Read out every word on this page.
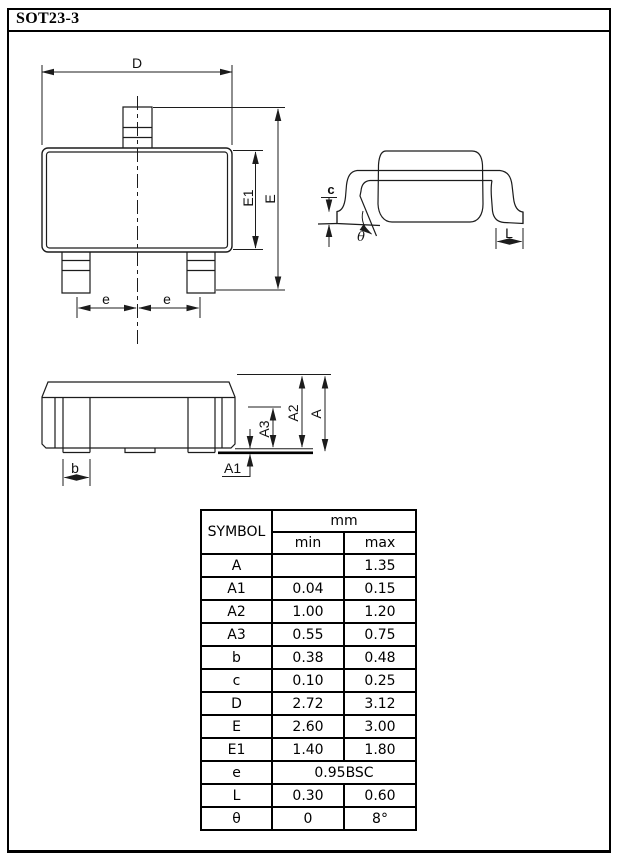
SOT23-3
D
E1 E
e	e
c
θ	L
b
A2 A
A3
A1
SYMBOL	mm	
	min	max
A		1.35
A1	0.04	0.15
A2	1.00	1.20
A3	0.55	0.75
b	0.38	0.48
c	0.10	0.25
D	2.72	3.12
E	2.60	3.00
E1	1.40	1.80
e	0.95BSC	
L	0.30	0.60
θ	0	8°
